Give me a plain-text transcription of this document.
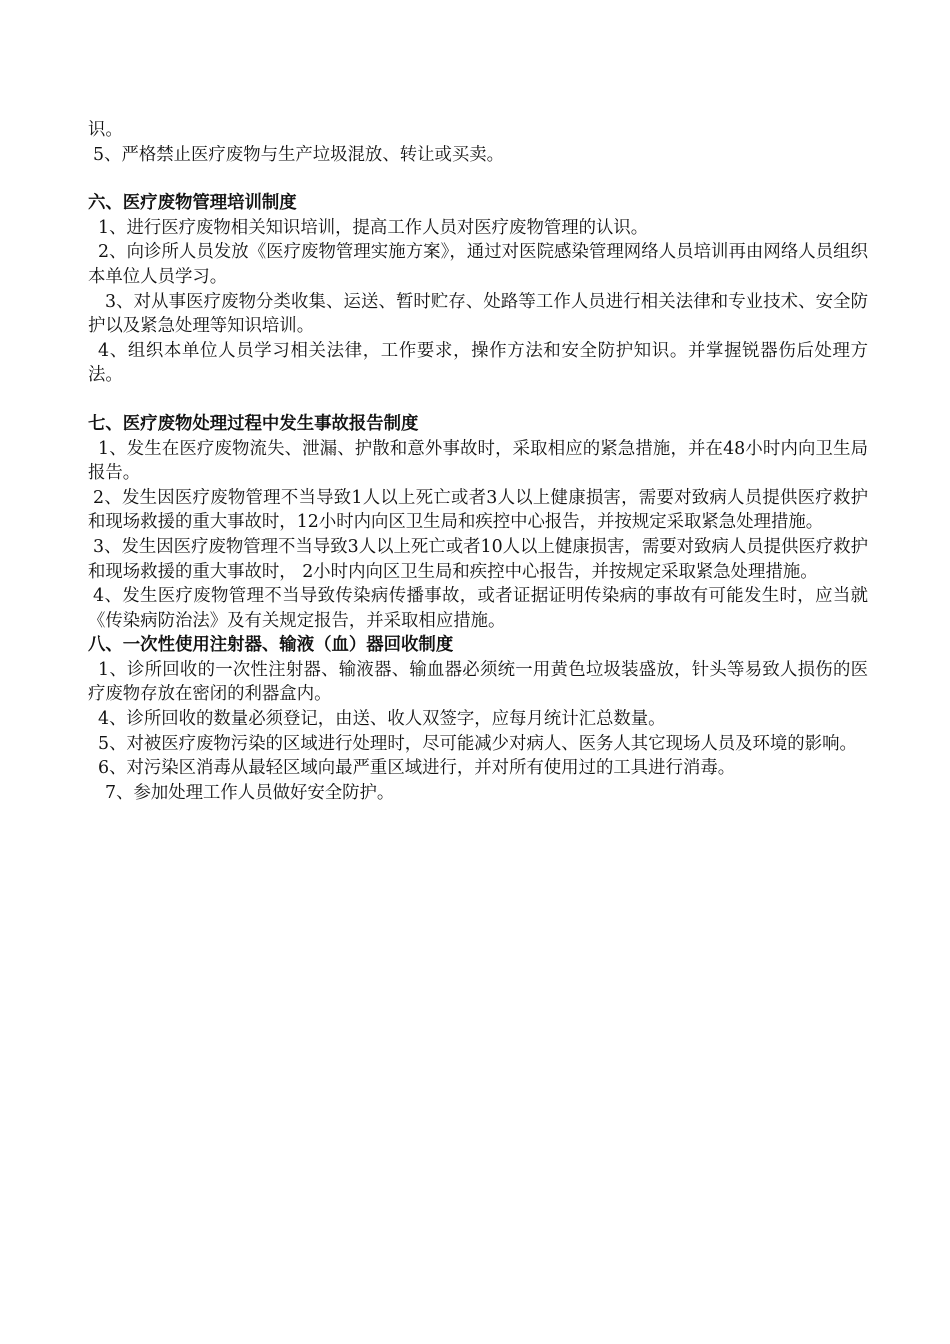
识。

5、严格禁止医疗废物与生产垃圾混放、转让或买卖。

六、医疗废物管理培训制度

1、进行医疗废物相关知识培训，提高工作人员对医疗废物管理的认识。

2、向诊所人员发放《医疗废物管理实施方案》，通过对医院感染管理网络人员培训再由网络人员组织本单位人员学习。

3、对从事医疗废物分类收集、运送、暂时贮存、处路等工作人员进行相关法律和专业技术、安全防护以及紧急处理等知识培训。

4、组织本单位人员学习相关法律，工作要求，操作方法和安全防护知识。并掌握锐器伤后处理方法。

七、医疗废物处理过程中发生事故报告制度

1、发生在医疗废物流失、泄漏、护散和意外事故时，采取相应的紧急措施，并在48小时内向卫生局报告。

2、发生因医疗废物管理不当导致1人以上死亡或者3人以上健康损害，需要对致病人员提供医疗救护和现场救援的重大事故时，12小时内向区卫生局和疾控中心报告，并按规定采取紧急处理措施。

3、发生因医疗废物管理不当导致3人以上死亡或者10人以上健康损害，需要对致病人员提供医疗救护和现场救援的重大事故时， 2小时内向区卫生局和疾控中心报告，并按规定采取紧急处理措施。

4、发生医疗废物管理不当导致传染病传播事故，或者证据证明传染病的事故有可能发生时，应当就《传染病防治法》及有关规定报告，并采取相应措施。

八、一次性使用注射器、输液（血）器回收制度

1、诊所回收的一次性注射器、输液器、输血器必须统一用黄色垃圾装盛放，针头等易致人损伤的医疗废物存放在密闭的利器盒内。

4、诊所回收的数量必须登记，由送、收人双签字，应每月统计汇总数量。

5、对被医疗废物污染的区域进行处理时，尽可能减少对病人、医务人其它现场人员及环境的影响。

6、对污染区消毒从最轻区域向最严重区域进行，并对所有使用过的工具进行消毒。

7、参加处理工作人员做好安全防护。
